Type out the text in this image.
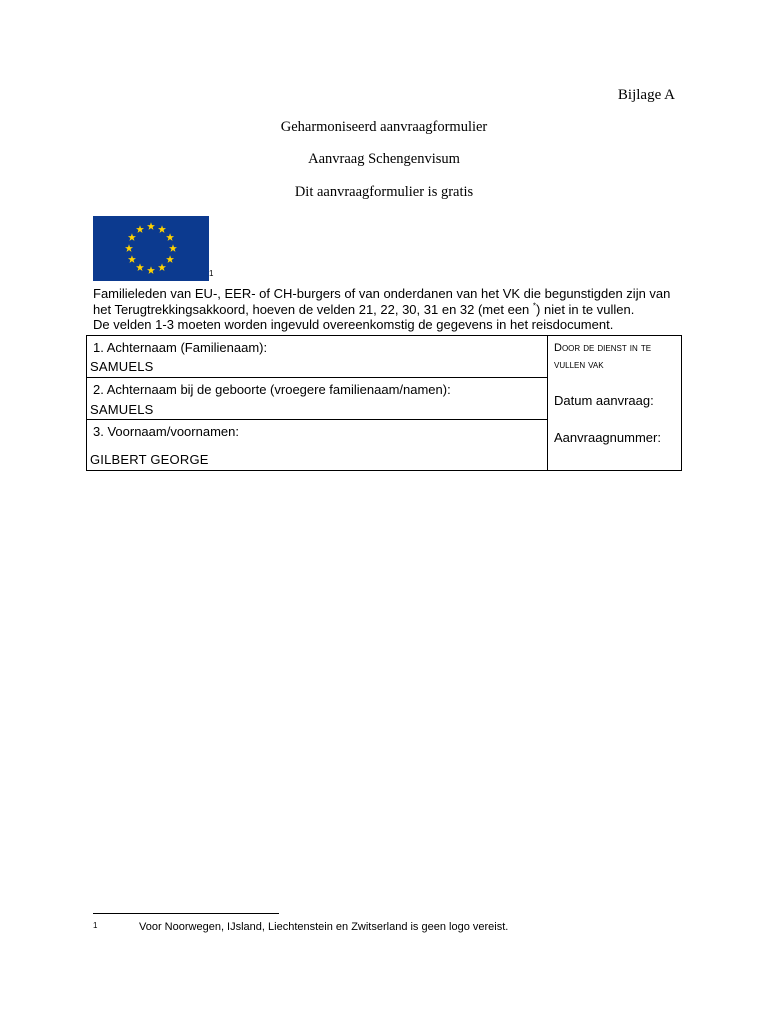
Bijlage A
Geharmoniseerd aanvraagformulier
Aanvraag Schengenvisum
Dit aanvraagformulier is gratis
1
Familieleden van EU-, EER- of CH-burgers of van onderdanen van het VK die begunstigden zijn van het Terugtrekkingsakkoord, hoeven de velden 21, 22, 30, 31 en 32 (met een *) niet in te vullen.
De velden 1-3 moeten worden ingevuld overeenkomstig de gegevens in het reisdocument.
1. Achternaam (Familienaam):
SAMUELS
2. Achternaam bij de geboorte (vroegere familienaam/namen):
SAMUELS
3. Voornaam/voornamen:
GILBERT GEORGE
Door de dienst in te vullen vak
Datum aanvraag:
Aanvraagnummer:
1	Voor Noorwegen, IJsland, Liechtenstein en Zwitserland is geen logo vereist.
